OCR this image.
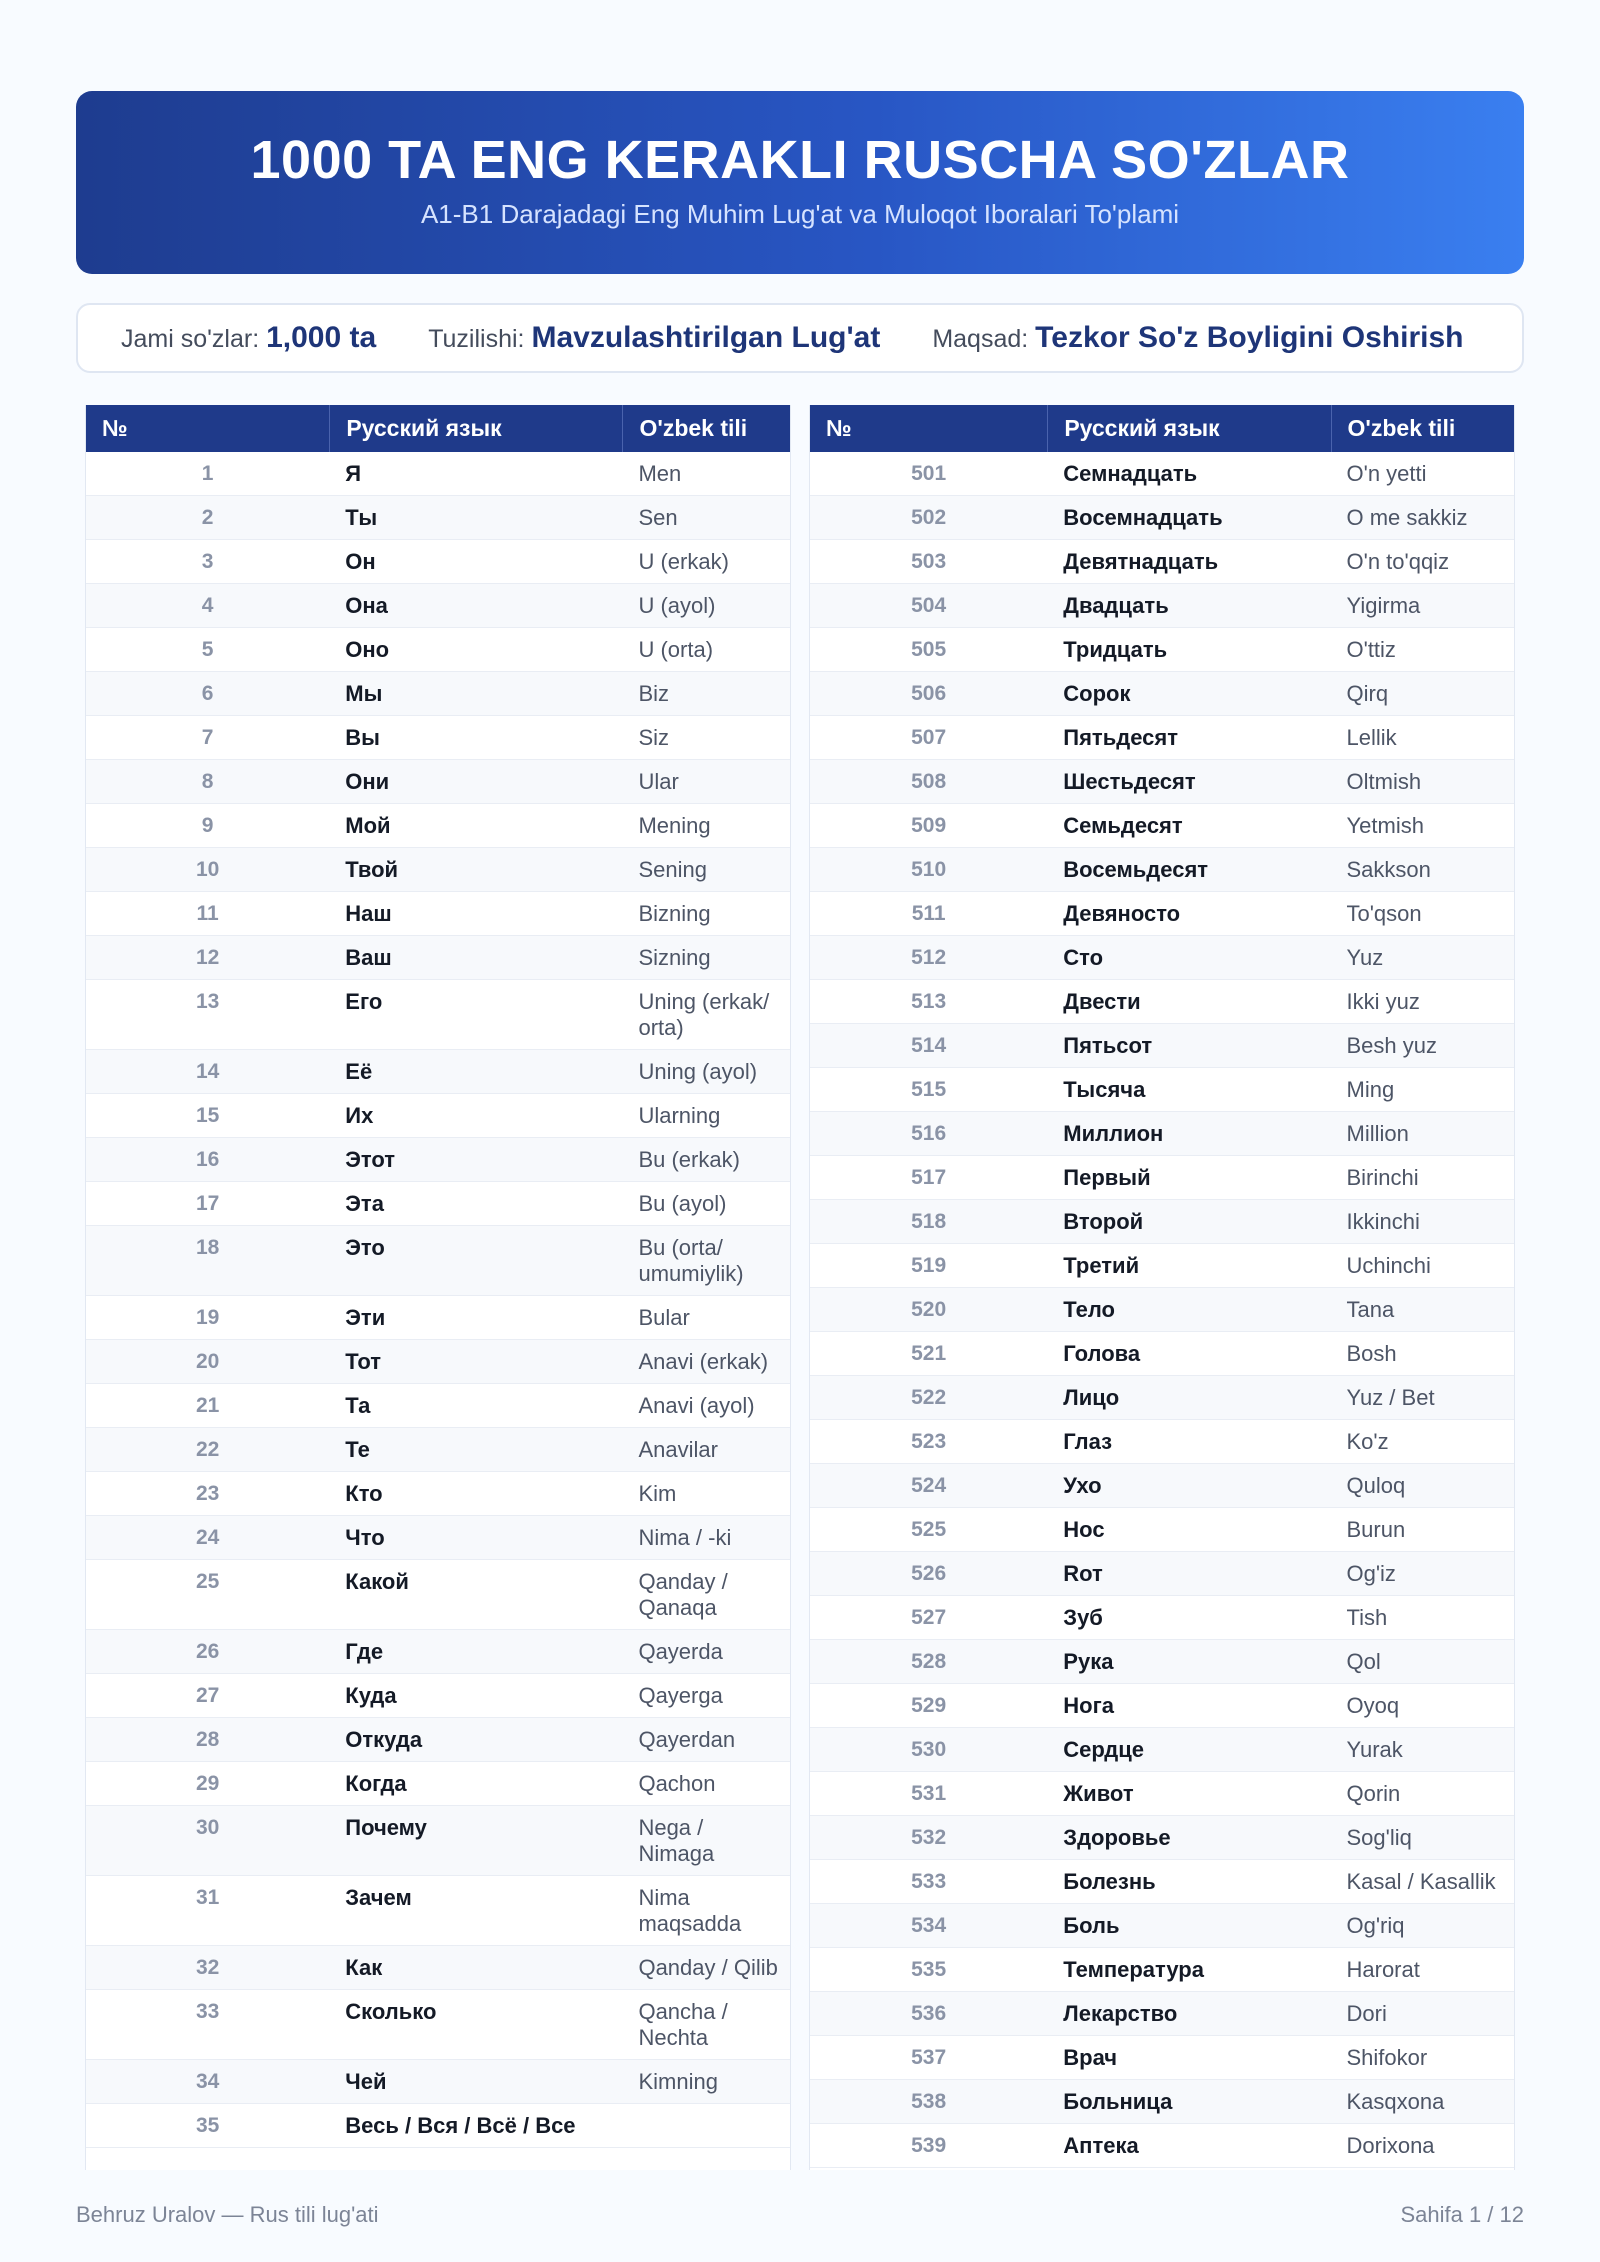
1000 TA ENG KERAKLI RUSCHA SO'ZLAR
A1-B1 Darajadagi Eng Muhim Lug'at va Muloqot Iboralari To'plami
Jami so'zlar: 1,000 ta Tuzilishi: Mavzulashtirilgan Lug'at Maqsad: Tezkor So'z Boyligini Oshirish
№	Русский язык	O'zbek tili
1	Я	Men
2	Ты	Sen
3	Он	U (erkak)
4	Она	U (ayol)
5	Оно	U (orta)
6	Мы	Biz
7	Вы	Siz
8	Они	Ular
9	Мой	Mening
10	Твой	Sening
11	Наш	Bizning
12	Ваш	Sizning
13	Его	Uning (erkak/ orta)
14	Её	Uning (ayol)
15	Их	Ularning
16	Этот	Bu (erkak)
17	Эта	Bu (ayol)
18	Это	Bu (orta/ umumiylik)
19	Эти	Bular
20	Тот	Anavi (erkak)
21	Та	Anavi (ayol)
22	Те	Anavilar
23	Кто	Kim
24	Что	Nima / -ki
25	Какой	Qanday / Qanaqa
26	Где	Qayerda
27	Куда	Qayerga
28	Откуда	Qayerdan
29	Когда	Qachon
30	Почему	Nega / Nimaga
31	Зачем	Nima maqsadda
32	Как	Qanday / Qilib
33	Сколько	Qancha / Nechta
34	Чей	Kimning
35	Весь / Вся / Всё / Все
№	Русский язык	O'zbek tili
501	Семнадцать	O'n yetti
502	Восемнадцать	O me sakkiz
503	Девятнадцать	O'n to'qqiz
504	Двадцать	Yigirma
505	Тридцать	O'ttiz
506	Сорок	Qirq
507	Пятьдесят	Lellik
508	Шестьдесят	Oltmish
509	Семьдесят	Yetmish
510	Восемьдесят	Sakkson
511	Девяносто	To'qson
512	Сто	Yuz
513	Двести	Ikki yuz
514	Пятьсот	Besh yuz
515	Тысяча	Ming
516	Миллион	Million
517	Первый	Birinchi
518	Второй	Ikkinchi
519	Третий	Uchinchi
520	Тело	Tana
521	Голова	Bosh
522	Лицо	Yuz / Bet
523	Глаз	Ko'z
524	Ухо	Quloq
525	Нос	Burun
526	Rот	Og'iz
527	Зуб	Tish
528	Рука	Qol
529	Нога	Oyoq
530	Сердце	Yurak
531	Живот	Qorin
532	Здоровье	Sog'liq
533	Болезнь	Kasal / Kasallik
534	Боль	Og'riq
535	Температура	Harorat
536	Лекарство	Dori
537	Врач	Shifokor
538	Больница	Kasqxona
539	Аптека	Dorixona
Behruz Uralov — Rus tili lug'ati	Sahifa 1 / 12
